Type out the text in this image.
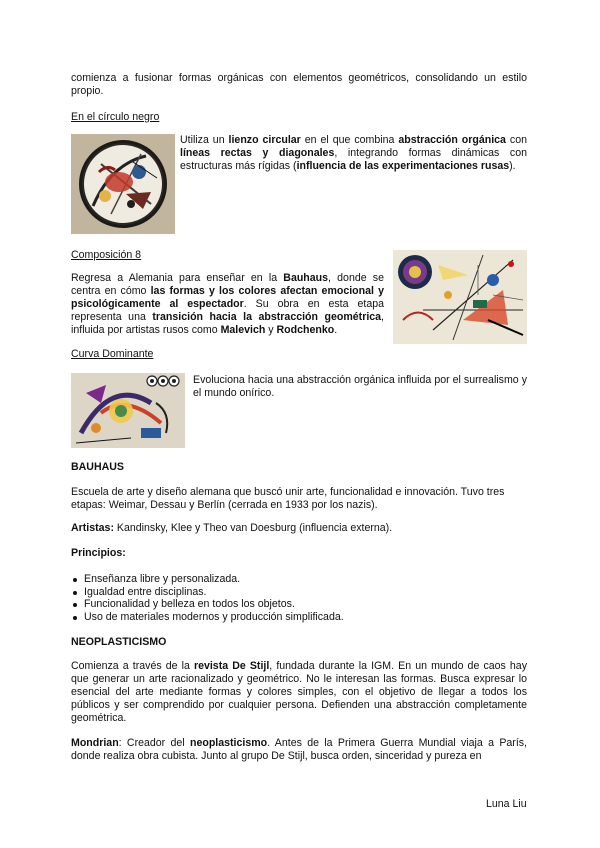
comienza a fusionar formas orgánicas con elementos geométricos, consolidando un estilo propio.

En el círculo negro

Utiliza un lienzo circular en el que combina abstracción orgánica con líneas rectas y diagonales, integrando formas dinámicas con estructuras más rígidas (influencia de las experimentaciones rusas).

Composición 8

Regresa a Alemania para enseñar en la Bauhaus, donde se centra en cómo las formas y los colores afectan emocional y psicológicamente al espectador. Su obra en esta etapa representa una transición hacia la abstracción geométrica, influida por artistas rusos como Malevich y Rodchenko.

Curva Dominante

Evoluciona hacia una abstracción orgánica influida por el surrealismo y el mundo onírico.

BAUHAUS

Escuela de arte y diseño alemana que buscó unir arte, funcionalidad e innovación. Tuvo tres etapas: Weimar, Dessau y Berlín (cerrada en 1933 por los nazis).

Artistas: Kandinsky, Klee y Theo van Doesburg (influencia externa).

Principios:
Enseñanza libre y personalizada.
Igualdad entre disciplinas.
Funcionalidad y belleza en todos los objetos.
Uso de materiales modernos y producción simplificada.
NEOPLASTICISMO

Comienza a través de la revista De Stijl, fundada durante la IGM. En un mundo de caos hay que generar un arte racionalizado y geométrico. No le interesan las formas. Busca expresar lo esencial del arte mediante formas y colores simples, con el objetivo de llegar a todos los públicos y ser comprendido por cualquier persona. Defienden una abstracción completamente geométrica.

Mondrian: Creador del neoplasticismo. Antes de la Primera Guerra Mundial viaja a París, donde realiza obra cubista. Junto al grupo De Stijl, busca orden, sinceridad y pureza en

Luna Liu
